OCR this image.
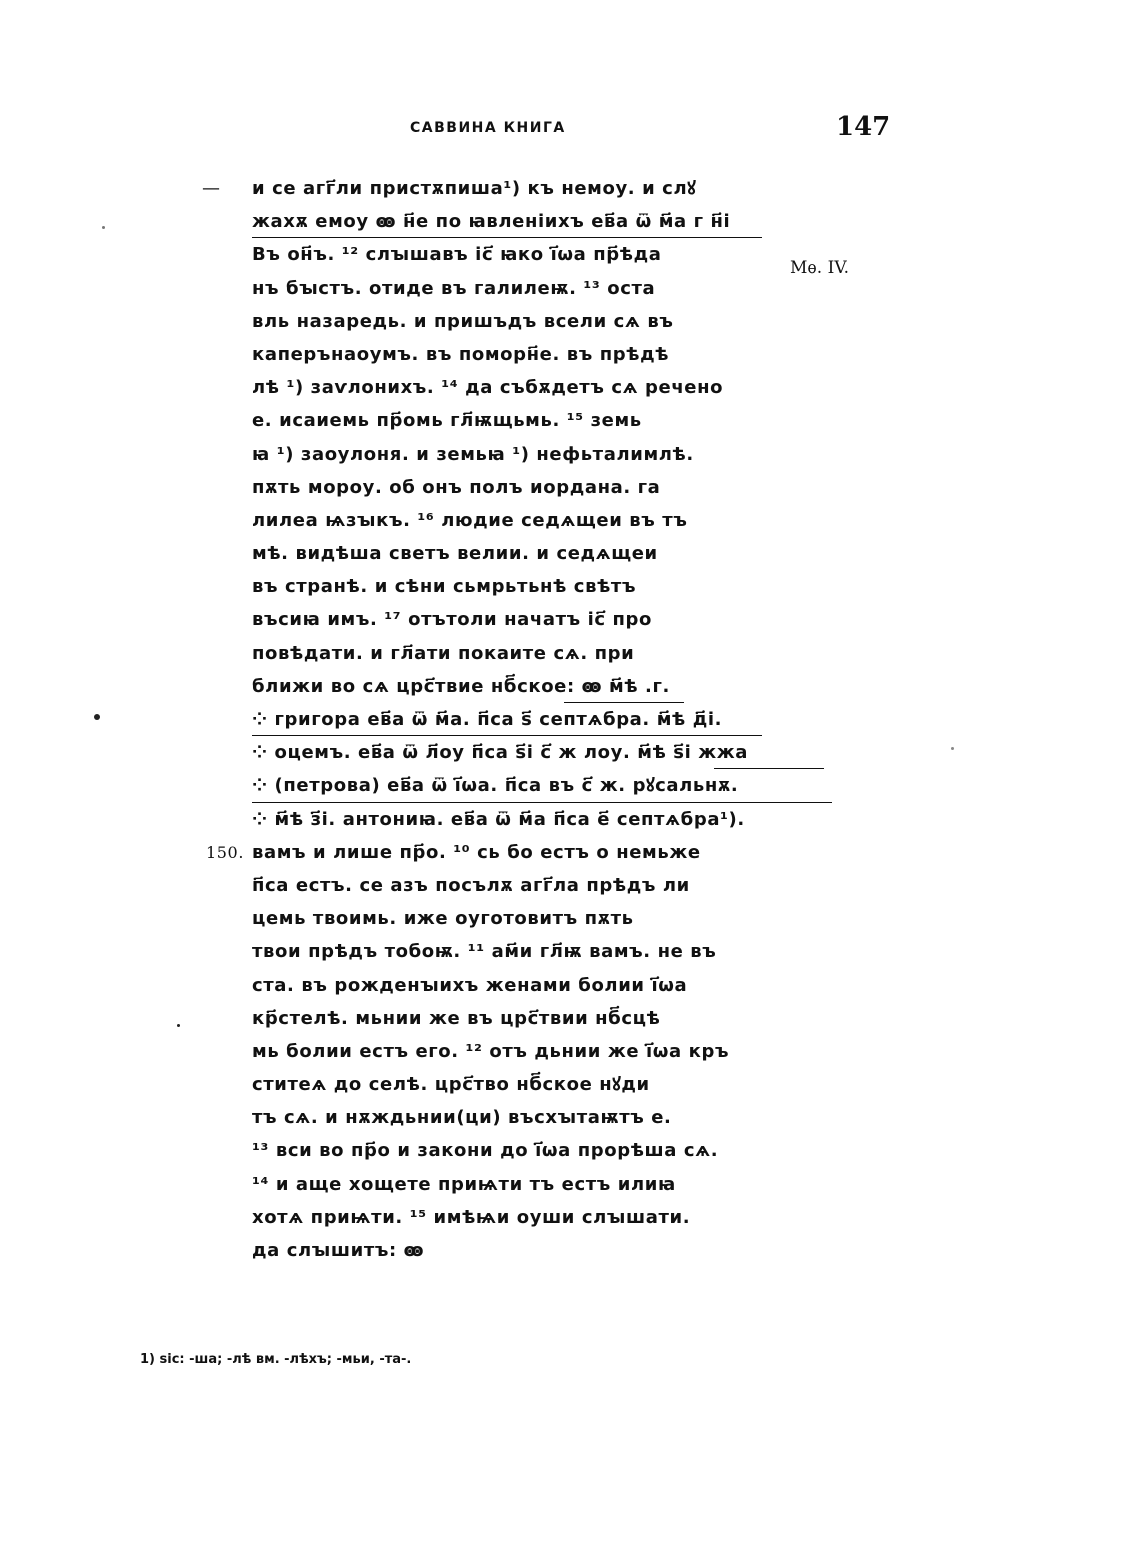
САВВИНА КНИГА	147
Мѳ. IV.
— и се агг҃ли пристѫпиша¹) къ немоу. и слꙋ
жахѫ емоу ꙭ н҃е по ꙗвленіихъ ев҃а ѿ м҃а г н҃і
Въ он҃ъ. ¹² слꙑшавъ іс҃ ꙗко і҃ѡа пр҃ѣда
нъ бꙑстъ. отиде въ галилеѭ. ¹³ оста
вль назаредь. и пришъдъ всели сѧ въ
каперънаоумъ. въ поморн҃е. въ прѣдѣ
лѣ ¹) заѵлонихъ. ¹⁴ да събѫдетъ сѧ речено
е. исаиемь пр҃омь гл҃ѭщьмь. ¹⁵ земь
ꙗ ¹) заоулоня. и земьꙗ ¹) нефьталимлѣ.
пѫть мороу. об онъ полъ иордана. га
лилеа ѩзꙑкъ. ¹⁶ людие седѧщеи въ тъ
мѣ. видѣша светъ велии. и седѧщеи
въ странѣ. и сѣни сьмрьтьнѣ свѣтъ
въсиꙗ имъ. ¹⁷ отътоли начатъ іс҃ про
повѣдати. и гл҃ати покаите сѧ. при
ближи во сѧ црс҃твие нб҃ское: ꙭ м҃ѣ .г.
⁘ григора ев҃а ѿ м҃а. п҃са ѕ҃ септѧбра. м҃ѣ д҃і.
⁘ оцемъ. ев҃а ѿ л҃оу п҃са ѕ҃і с҃ ж лоу. м҃ѣ ѕ҃і жжа
⁘ (петрова) ев҃а ѿ і҃ѡа. п҃са въ с҃ ж. рꙋсальнѫ.
⁘ м҃ѣ з҃і. антониꙗ. ев҃а ѿ м҃а п҃са е҃ септѧбра¹).
150. вамъ и лише пр҃о. ¹⁰ сь бо естъ о немьже
п҃са естъ. се азъ посълѫ агг҃ла прѣдъ ли
цемь твоимь. иже оуготовитъ пѫть
твои прѣдъ тобоѭ. ¹¹ ам҃и гл҃ѭ вамъ. не въ
ста. въ рожденꙑихъ женами болии і҃ѡа
кр҃стелѣ. мьнии же въ црс҃твии нб҃сцѣ
мь болии естъ его. ¹² отъ дьнии же і҃ѡа кръ
ститеѧ до селѣ. црс҃тво нб҃ское нꙋди
тъ сѧ. и нѫждьнии(ци) въсхꙑтаѭтъ е.
¹³ вси во пр҃о и закони до і҃ѡа прорѣша сѧ.
¹⁴ и аще хощете приѩти тъ естъ илиꙗ
хотѧ приѩти. ¹⁵ имѣѩи оуши слꙑшати.
да слꙑшитъ: ꙭ
1) sic: -ша; -лѣ вм. -лѣхъ; -мьи, -та-.
